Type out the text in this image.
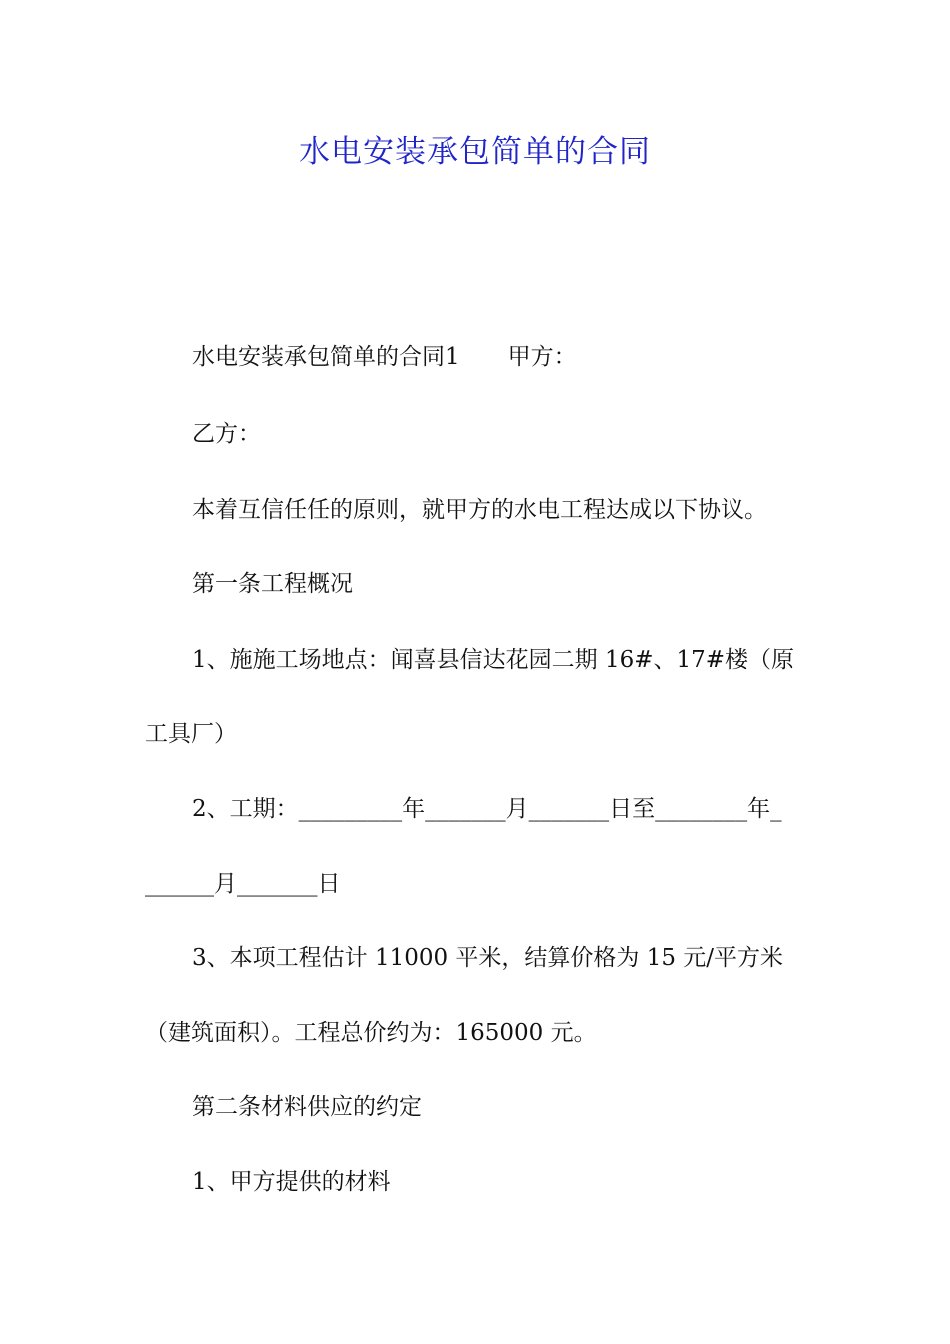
水电安装承包简单的合同

水电安装承包简单的合同1 甲方：

乙方：

本着互信任任的原则，就甲方的水电工程达成以下协议。

第一条工程概况

1、施施工场地点：闻喜县信达花园二期 16#、17#楼（原

工具厂）

2、工期：_________年_______月_______日至________年_

______月_______日

3、本项工程估计 11000 平米，结算价格为 15 元/平方米

（建筑面积）。工程总价约为：165000 元。

第二条材料供应的约定

1、甲方提供的材料
